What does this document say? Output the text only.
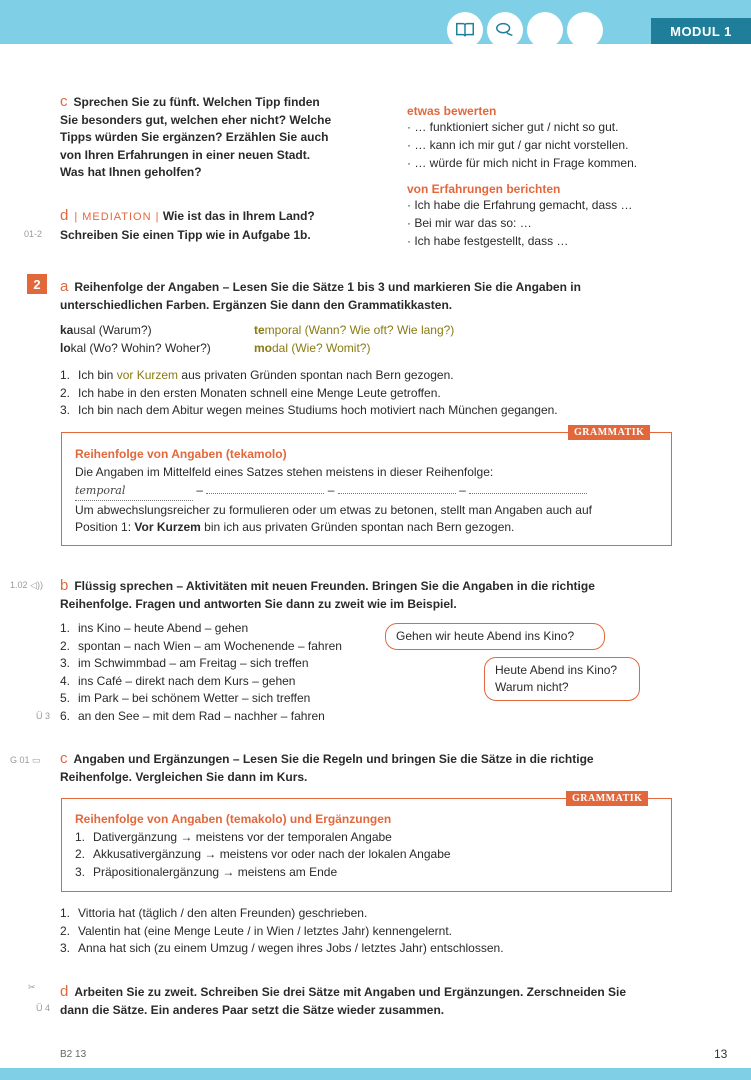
MODUL 1
c Sprechen Sie zu fünft. Welchen Tipp finden
Sie besonders gut, welchen eher nicht? Welche
Tipps würden Sie ergänzen? Erzählen Sie auch
von Ihren Erfahrungen in einer neuen Stadt.
Was hat Ihnen geholfen?
d | MEDIATION | Wie ist das in Ihrem Land?
Schreiben Sie einen Tipp wie in Aufgabe 1b.
01-2
etwas bewerten
· … funktioniert sicher gut / nicht so gut.
· … kann ich mir gut / gar nicht vorstellen.
· … würde für mich nicht in Frage kommen.
von Erfahrungen berichten
· Ich habe die Erfahrung gemacht, dass …
· Bei mir war das so: …
· Ich habe festgestellt, dass …
2	a Reihenfolge der Angaben – Lesen Sie die Sätze 1 bis 3 und markieren Sie die Angaben in
unterschiedlichen Farben. Ergänzen Sie dann den Grammatikkasten.
kausal (Warum?)	temporal (Wann? Wie oft? Wie lang?)
lokal (Wo? Wohin? Woher?)	modal (Wie? Womit?)
1. Ich bin vor Kurzem aus privaten Gründen spontan nach Bern gezogen.
2. Ich habe in den ersten Monaten schnell eine Menge Leute getroffen.
3. Ich bin nach dem Abitur wegen meines Studiums hoch motiviert nach München gegangen.
GRAMMATIK
Reihenfolge von Angaben (tekamolo)
Die Angaben im Mittelfeld eines Satzes stehen meistens in dieser Reihenfolge:
temporal	–	–	–
Um abwechslungsreicher zu formulieren oder um etwas zu betonen, stellt man Angaben auch auf
Position 1: Vor Kurzem bin ich aus privaten Gründen spontan nach Bern gezogen.
1.02 ◁)) b Flüssig sprechen – Aktivitäten mit neuen Freunden. Bringen Sie die Angaben in die richtige
Reihenfolge. Fragen und antworten Sie dann zu zweit wie im Beispiel.
1. ins Kino – heute Abend – gehen
2. spontan – nach Wien – am Wochenende – fahren
3. im Schwimmbad – am Freitag – sich treffen
4. ins Café – direkt nach dem Kurs – gehen
5. im Park – bei schönem Wetter – sich treffen
6. an den See – mit dem Rad – nachher – fahren
Ü 3
Gehen wir heute Abend ins Kino?
Heute Abend ins Kino?
Warum nicht?
G 01 ▭ c Angaben und Ergänzungen – Lesen Sie die Regeln und bringen Sie die Sätze in die richtige
Reihenfolge. Vergleichen Sie dann im Kurs.
GRAMMATIK
Reihenfolge von Angaben (temakolo) und Ergänzungen
1. Dativergänzung → meistens vor der temporalen Angabe
2. Akkusativergänzung → meistens vor oder nach der lokalen Angabe
3. Präpositionalergänzung → meistens am Ende
1. Vittoria hat (täglich / den alten Freunden) geschrieben.
2. Valentin hat (eine Menge Leute / in Wien / letztes Jahr) kennengelernt.
3. Anna hat sich (zu einem Umzug / wegen ihres Jobs / letztes Jahr) entschlossen.
✂
Ü 4
d Arbeiten Sie zu zweit. Schreiben Sie drei Sätze mit Angaben und Ergänzungen. Zerschneiden Sie
dann die Sätze. Ein anderes Paar setzt die Sätze wieder zusammen.
B2 13	13
